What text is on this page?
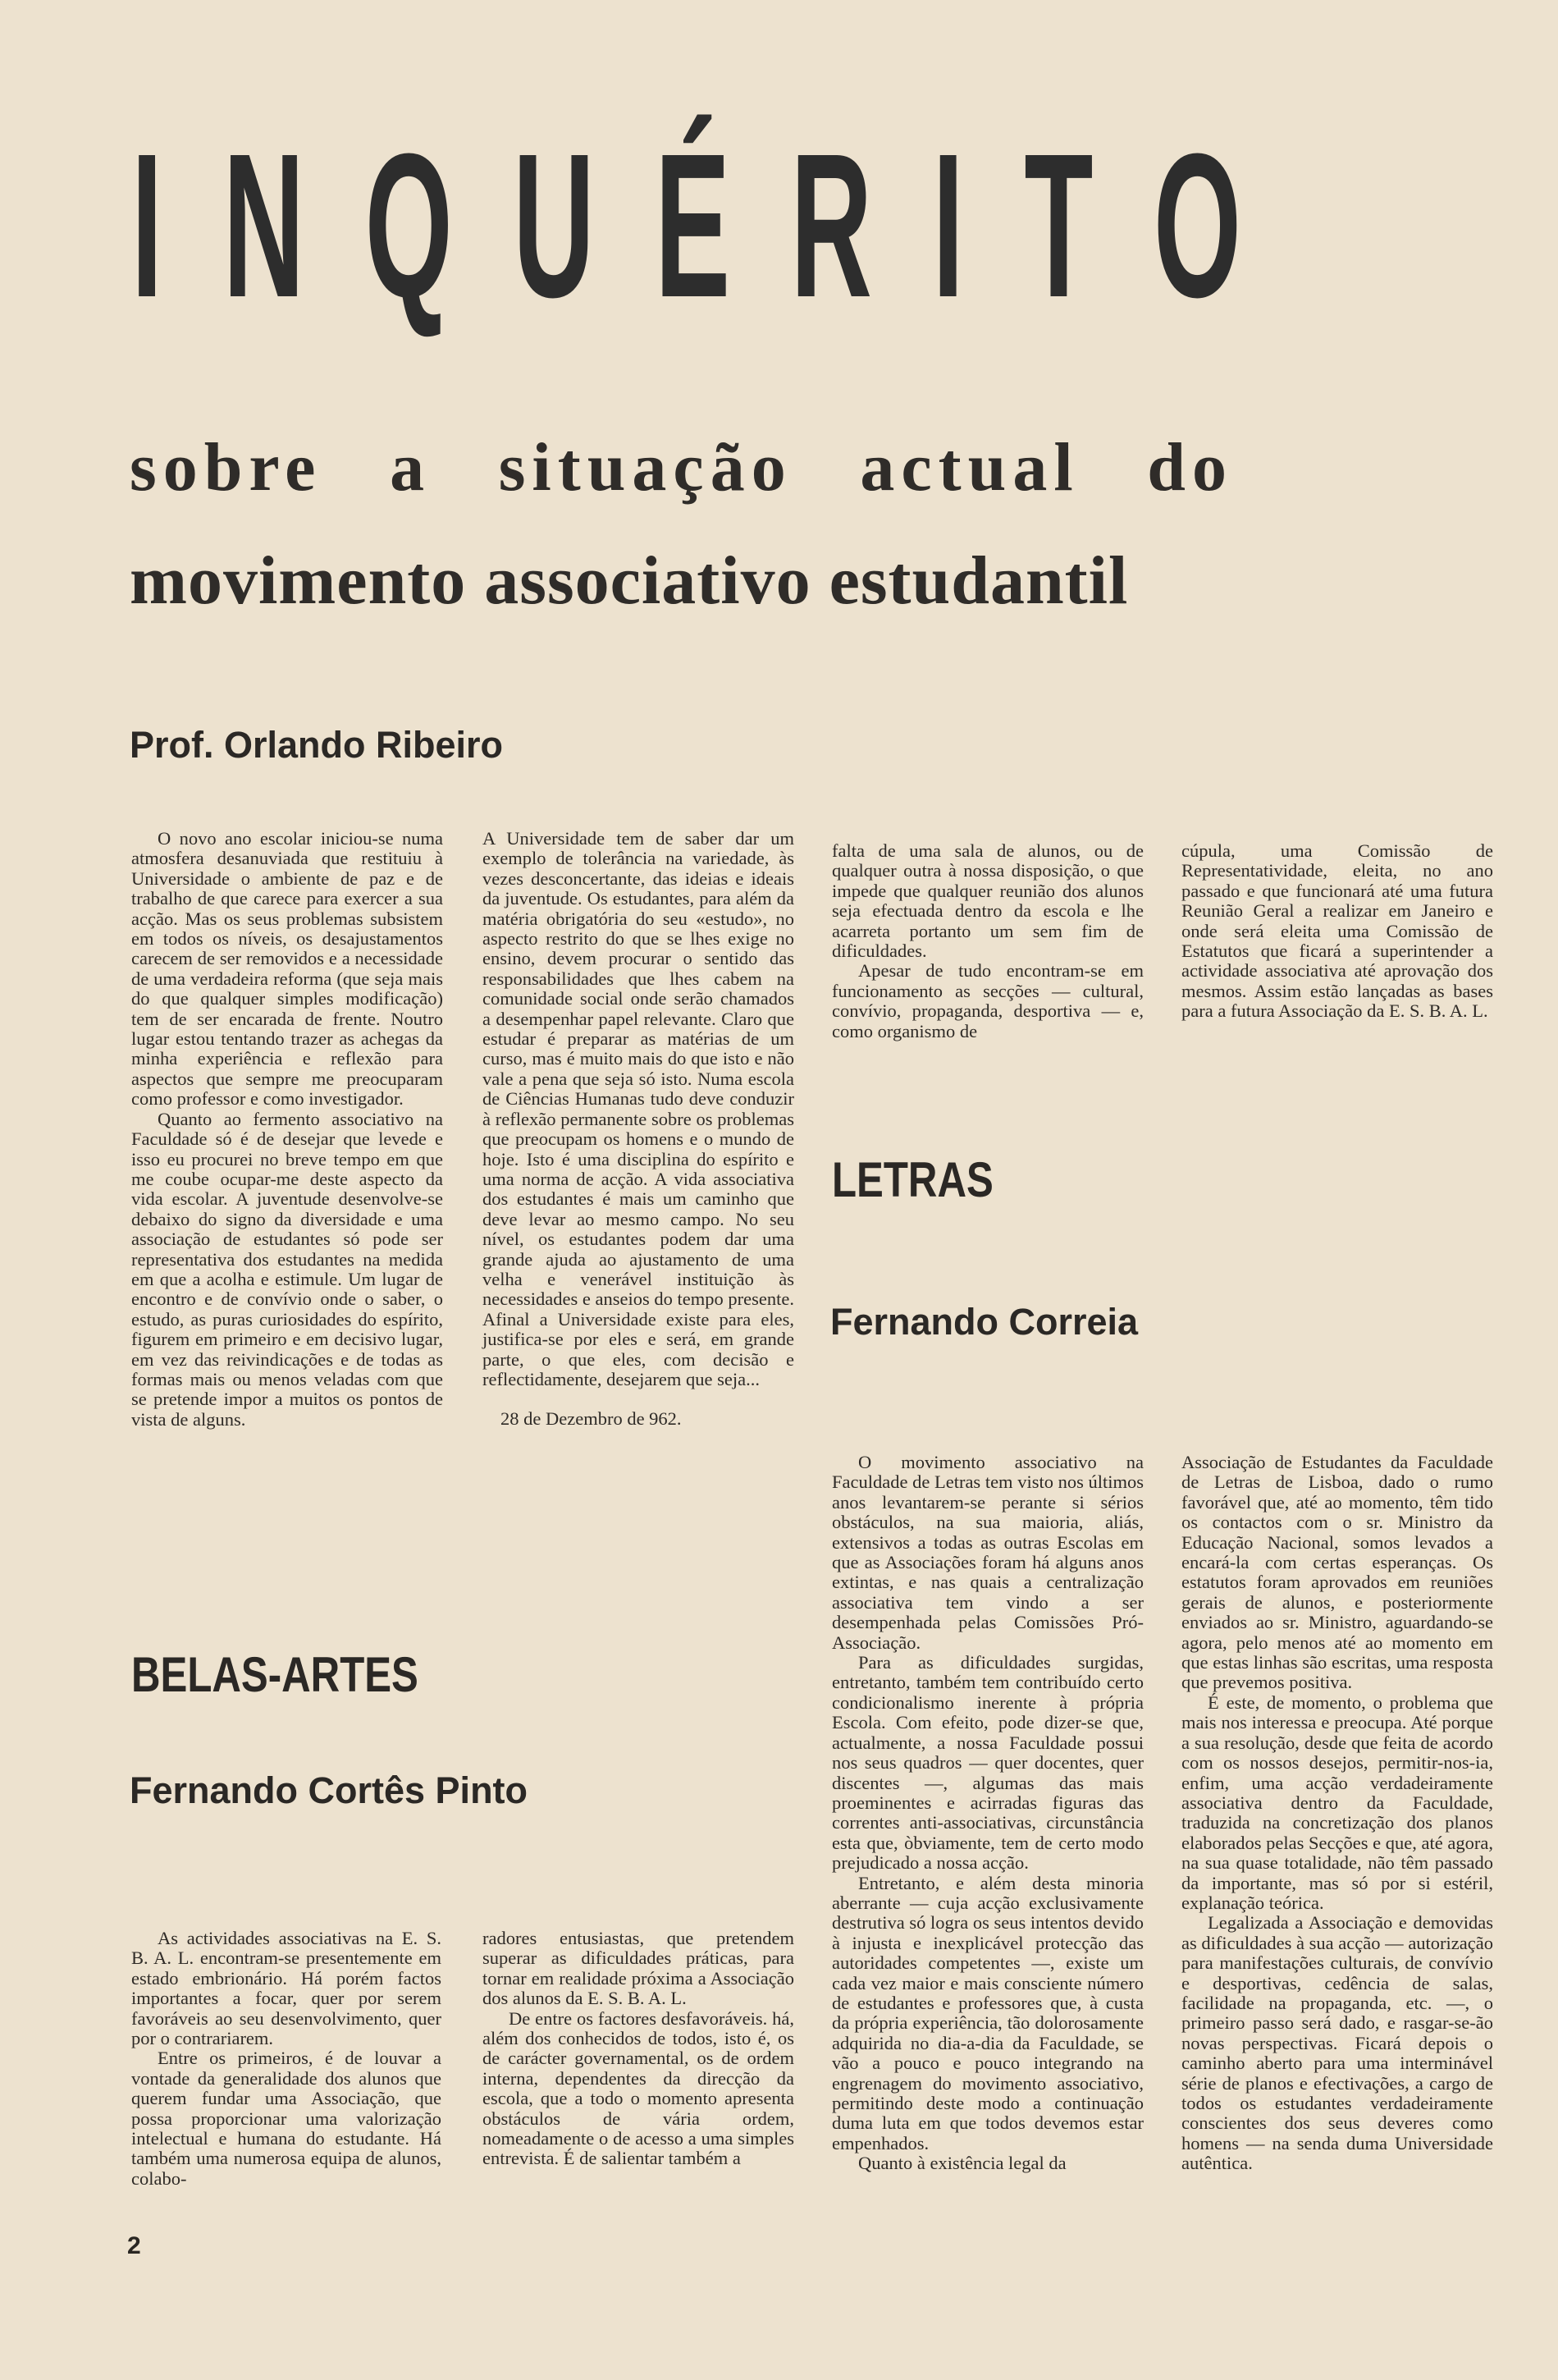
I N Q U É R I T O
sobre a situação actual do
movimento associativo estudantil
Prof. Orlando Ribeiro

O novo ano escolar iniciou-se numa atmosfera desanuviada que restituiu à Universidade o ambiente de paz e de trabalho de que carece para exercer a sua acção. Mas os seus problemas subsistem em todos os níveis, os desajustamentos carecem de ser removidos e a necessidade de uma verdadeira reforma (que seja mais do que qualquer simples modificação) tem de ser encarada de frente. Noutro lugar estou tentando trazer as achegas da minha experiência e reflexão para aspectos que sempre me preocuparam como professor e como investigador.

Quanto ao fermento associativo na Faculdade só é de desejar que levede e isso eu procurei no breve tempo em que me coube ocupar-me deste aspecto da vida escolar. A juventude desenvolve-se debaixo do signo da diversidade e uma associação de estudantes só pode ser representativa dos estudantes na medida em que a acolha e estimule. Um lugar de encontro e de convívio onde o saber, o estudo, as puras curiosidades do espírito, figurem em primeiro e em decisivo lugar, em vez das reivindicações e de todas as formas mais ou menos veladas com que se pretende impor a muitos os pontos de vista de alguns.

A Universidade tem de saber dar um exemplo de tolerância na variedade, às vezes desconcertante, das ideias e ideais da juventude. Os estudantes, para além da matéria obrigatória do seu «estudo», no aspecto restrito do que se lhes exige no ensino, devem procurar o sentido das responsabilidades que lhes cabem na comunidade social onde serão chamados a desempenhar papel relevante. Claro que estudar é preparar as matérias de um curso, mas é muito mais do que isto e não vale a pena que seja só isto. Numa escola de Ciências Humanas tudo deve conduzir à reflexão permanente sobre os problemas que preocupam os homens e o mundo de hoje. Isto é uma disciplina do espírito e uma norma de acção. A vida associativa dos estudantes é mais um caminho que deve levar ao mesmo campo. No seu nível, os estudantes podem dar uma grande ajuda ao ajustamento de uma velha e venerável instituição às necessidades e anseios do tempo presente. Afinal a Universidade existe para eles, justifica-se por eles e será, em grande parte, o que eles, com decisão e reflectidamente, desejarem que seja...

28 de Dezembro de 962.

BELAS-ARTES
Fernando Cortês Pinto

As actividades associativas na E. S. B. A. L. encontram-se presentemente em estado embrionário. Há porém factos importantes a focar, quer por serem favoráveis ao seu desenvolvimento, quer por o contrariarem.

Entre os primeiros, é de louvar a vontade da generalidade dos alunos que querem fundar uma Associação, que possa proporcionar uma valorização intelectual e humana do estudante. Há também uma numerosa equipa de alunos, colabo-

radores entusiastas, que pretendem superar as dificuldades práticas, para tornar em realidade próxima a Associação dos alunos da E. S. B. A. L.

De entre os factores desfavoráveis. há, além dos conhecidos de todos, isto é, os de carácter governamental, os de ordem interna, dependentes da direcção da escola, que a todo o momento apresenta obstáculos de vária ordem, nomeadamente o de acesso a uma simples entrevista. É de salientar também a

falta de uma sala de alunos, ou de qualquer outra à nossa disposição, o que impede que qualquer reunião dos alunos seja efectuada dentro da escola e lhe acarreta portanto um sem fim de dificuldades.

Apesar de tudo encontram-se em funcionamento as secções — cultural, convívio, propaganda, desportiva — e, como organismo de

cúpula, uma Comissão de Representatividade, eleita, no ano passado e que funcionará até uma futura Reunião Geral a realizar em Janeiro e onde será eleita uma Comissão de Estatutos que ficará a superintender a actividade associativa até aprovação dos mesmos. Assim estão lançadas as bases para a futura Associação da E. S. B. A. L.

LETRAS
Fernando Correia

O movimento associativo na Faculdade de Letras tem visto nos últimos anos levantarem-se perante si sérios obstáculos, na sua maioria, aliás, extensivos a todas as outras Escolas em que as Associações foram há alguns anos extintas, e nas quais a centralização associativa tem vindo a ser desempenhada pelas Comissões Pró-Associação.

Para as dificuldades surgidas, entretanto, também tem contribuído certo condicionalismo inerente à própria Escola. Com efeito, pode dizer-se que, actualmente, a nossa Faculdade possui nos seus quadros — quer docentes, quer discentes —, algumas das mais proeminentes e acirradas figuras das correntes anti-associativas, circunstância esta que, òbviamente, tem de certo modo prejudicado a nossa acção.

Entretanto, e além desta minoria aberrante — cuja acção exclusivamente destrutiva só logra os seus intentos devido à injusta e inexplicável protecção das autoridades competentes —, existe um cada vez maior e mais consciente número de estudantes e professores que, à custa da própria experiência, tão dolorosamente adquirida no dia-a-dia da Faculdade, se vão a pouco e pouco integrando na engrenagem do movimento associativo, permitindo deste modo a continuação duma luta em que todos devemos estar empenhados.

Quanto à existência legal da

Associação de Estudantes da Faculdade de Letras de Lisboa, dado o rumo favorável que, até ao momento, têm tido os contactos com o sr. Ministro da Educação Nacional, somos levados a encará-la com certas esperanças. Os estatutos foram aprovados em reuniões gerais de alunos, e posteriormente enviados ao sr. Ministro, aguardando-se agora, pelo menos até ao momento em que estas linhas são escritas, uma resposta que prevemos positiva.

É este, de momento, o problema que mais nos interessa e preocupa. Até porque a sua resolução, desde que feita de acordo com os nossos desejos, permitir-nos-ia, enfim, uma acção verdadeiramente associativa dentro da Faculdade, traduzida na concretização dos planos elaborados pelas Secções e que, até agora, na sua quase totalidade, não têm passado da importante, mas só por si estéril, explanação teórica.

Legalizada a Associação e demovidas as dificuldades à sua acção — autorização para manifestações culturais, de convívio e desportivas, cedência de salas, facilidade na propaganda, etc. —, o primeiro passo será dado, e rasgar-se-ão novas perspectivas. Ficará depois o caminho aberto para uma interminável série de planos e efectivações, a cargo de todos os estudantes verdadeiramente conscientes dos seus deveres como homens — na senda duma Universidade autêntica.

2
